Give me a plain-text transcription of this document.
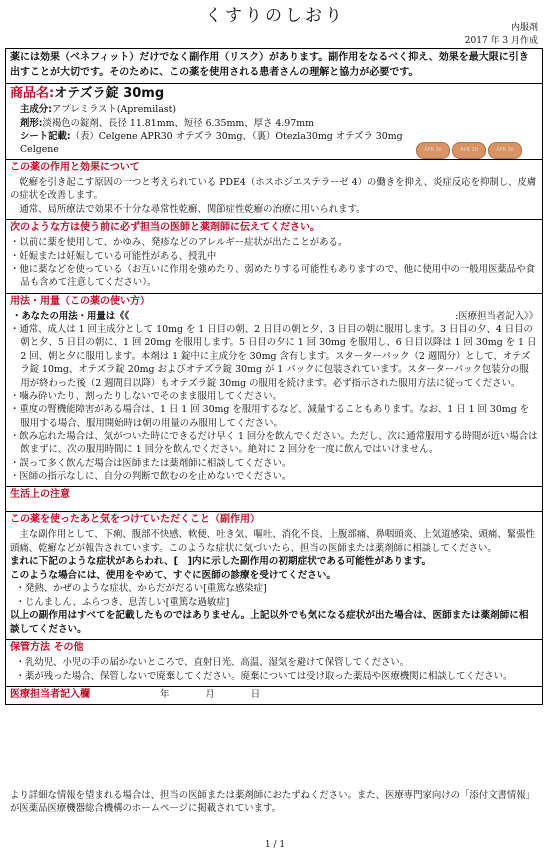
くすりのしおり
内服剤
2017 年 3 月作成
薬には効果（ベネフィット）だけでなく副作用（リスク）があります。副作用をなるべく抑え、効果を最大限に引き出すことが大切です。そのために、この薬を使用される患者さんの理解と協力が必要です。
商品名:オテズラ錠 30mg

主成分:アプレミラスト(Apremilast)

剤形:淡褐色の錠剤、長径 11.81mm、短径 6.35mm、厚さ 4.97mm

シート記載:（表）Celgene APR30 オテズラ 30mg、（裏）Otezla30mg オテズラ 30mg Celgene	APR 30	APR 30	APR 30
この薬の作用と効果について

乾癬を引き起こす原因の一つと考えられている PDE4（ホスホジエステラーゼ 4）の働きを抑え、炎症反応を抑制し、皮膚の症状を改善します。

通常、局所療法で効果不十分な尋常性乾癬、関節症性乾癬の治療に用いられます。

次のような方は使う前に必ず担当の医師と薬剤師に伝えてください。

・以前に薬を使用して、かゆみ、発疹などのアレルギー症状が出たことがある。

・妊娠または妊娠している可能性がある、授乳中

・他に薬などを使っている（お互いに作用を強めたり、弱めたりする可能性もありますので、他に使用中の一般用医薬品や食品も含めて注意してください）。

用法・用量（この薬の使い方）
・あなたの用法・用量は《《	:医療担当者記入》》

・通常、成人は 1 回主成分として 10mg を 1 日目の朝、2 日目の朝と夕、3 日目の朝に服用します。3 日目の夕、4 日目の朝と夕、5 日目の朝に、1 回 20mg を服用します。5 日目の夕に 1 回 30mg を服用し、6 日目以降は 1 回 30mg を 1 日 2 回、朝と夕に服用します。本剤は 1 錠中に主成分を 30mg 含有します。スターターパック（2 週間分）として、オテズラ錠 10mg、オテズラ錠 20mg およびオテズラ錠 30mg が 1 パックに包装されています。スターターパック包装分の服用が終わった後（2 週間目以降）もオテズラ錠 30mg の服用を続けます。必ず指示された服用方法に従ってください。

・噛み砕いたり、割ったりしないでそのまま服用してください。

・重度の腎機能障害がある場合は、1 日 1 回 30mg を服用するなど、減量することもあります。なお、1 日 1 回 30mg を服用する場合、服用開始時は朝の用量のみ服用してください。

・飲み忘れた場合は、気がついた時にできるだけ早く 1 回分を飲んでください。ただし、次に通常服用する時間が近い場合は飲まずに、次の服用時間に 1 回分を飲んでください。絶対に 2 回分を一度に飲んではいけません。

・誤って多く飲んだ場合は医師または薬剤師に相談してください。

・医師の指示なしに、自分の判断で飲むのを止めないでください。

生活上の注意
この薬を使ったあと気をつけていただくこと（副作用）

主な副作用として、下痢、腹部不快感、軟便、吐き気、嘔吐、消化不良、上腹部痛、鼻咽頭炎、上気道感染、頭痛、緊張性頭痛、乾癬などが報告されています。このような症状に気づいたら、担当の医師または薬剤師に相談してください。

まれに下記のような症状があらわれ、[　]内に示した副作用の初期症状である可能性があります。

このような場合には、使用をやめて、すぐに医師の診療を受けてください。

・発熱、かぜのような症状、からだがだるい[重篤な感染症]

・じんましん、ふらつき、息苦しい[重篤な過敏症]

以上の副作用はすべてを記載したものではありません。上記以外でも気になる症状が出た場合は、医師または薬剤師に相談してください。

保管方法 その他

・乳幼児、小児の手の届かないところで、直射日光、高温、湿気を避けて保管してください。

・薬が残った場合、保管しないで廃棄してください。廃棄については受け取った薬局や医療機関に相談してください。

医療担当者記入欄	年	月	日
より詳細な情報を望まれる場合は、担当の医師または薬剤師におたずねください。また、医療専門家向けの「添付文書情報」が医薬品医療機器総合機構のホームページに掲載されています。
1 / 1
